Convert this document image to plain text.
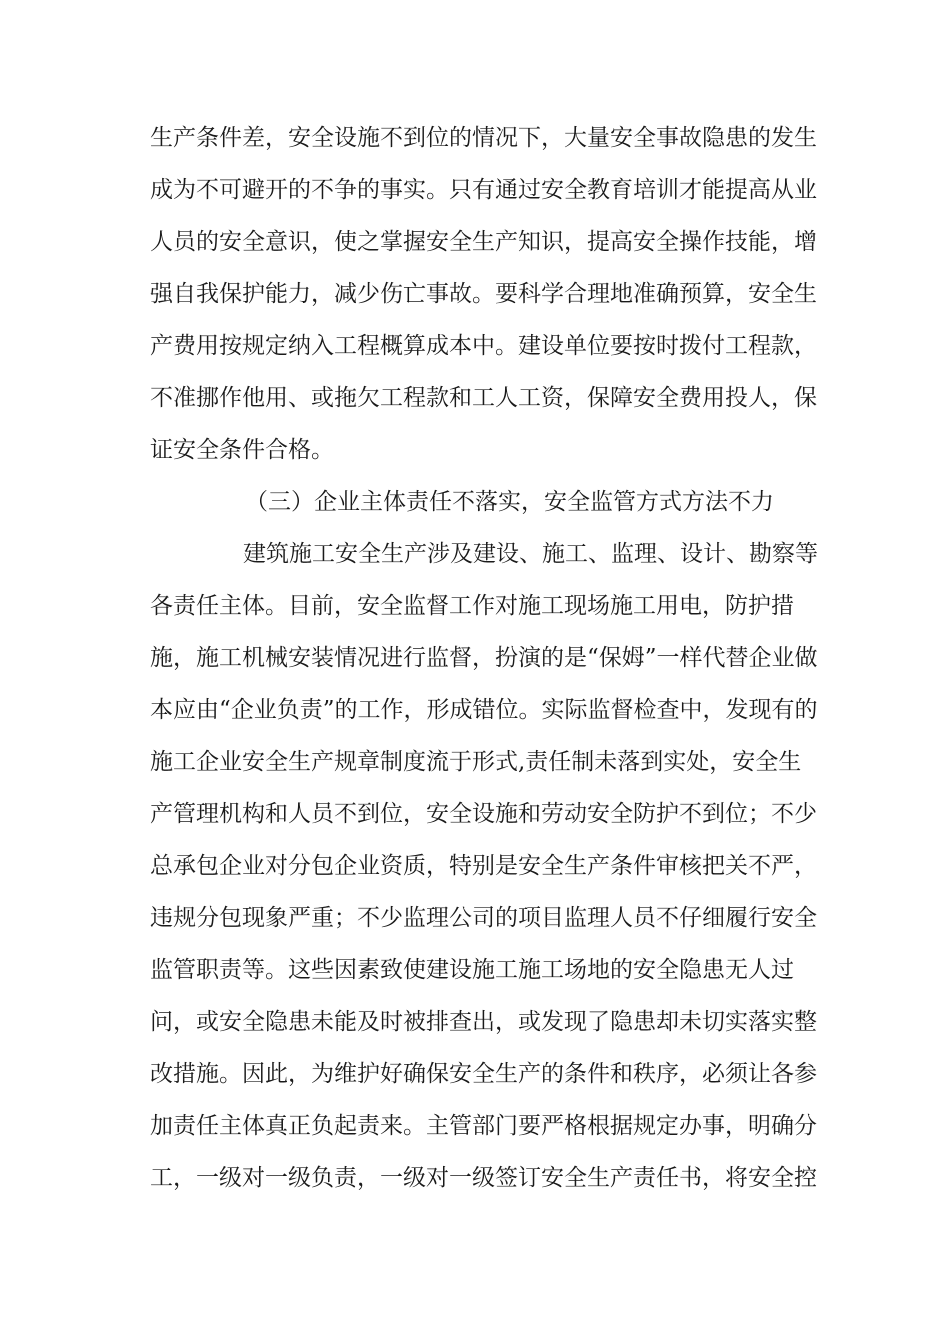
生产条件差，安全设施不到位的情况下，大量安全事故隐患的发生

成为不可避开的不争的事实。只有通过安全教育培训才能提高从业

人员的安全意识，使之掌握安全生产知识，提高安全操作技能，增

强自我保护能力，减少伤亡事故。要科学合理地准确预算，安全生

产费用按规定纳入工程概算成本中。建设单位要按时拨付工程款，

不准挪作他用、或拖欠工程款和工人工资，保障安全费用投人，保

证安全条件合格。

（三）企业主体责任不落实，安全监管方式方法不力

建筑施工安全生产涉及建设、施工、监理、设计、勘察等

各责任主体。目前，安全监督工作对施工现场施工用电，防护措

施，施工机械安装情况进行监督，扮演的是“保姆”一样代替企业做

本应由“企业负责”的工作，形成错位。实际监督检查中，发现有的

施工企业安全生产规章制度流于形式,责任制未落到实处，安全生

产管理机构和人员不到位，安全设施和劳动安全防护不到位；不少

总承包企业对分包企业资质，特别是安全生产条件审核把关不严，

违规分包现象严重；不少监理公司的项目监理人员不仔细履行安全

监管职责等。这些因素致使建设施工施工场地的安全隐患无人过

问，或安全隐患未能及时被排查出，或发现了隐患却未切实落实整

改措施。因此，为维护好确保安全生产的条件和秩序，必须让各参

加责任主体真正负起责来。主管部门要严格根据规定办事，明确分

工，一级对一级负责，一级对一级签订安全生产责任书，将安全控
